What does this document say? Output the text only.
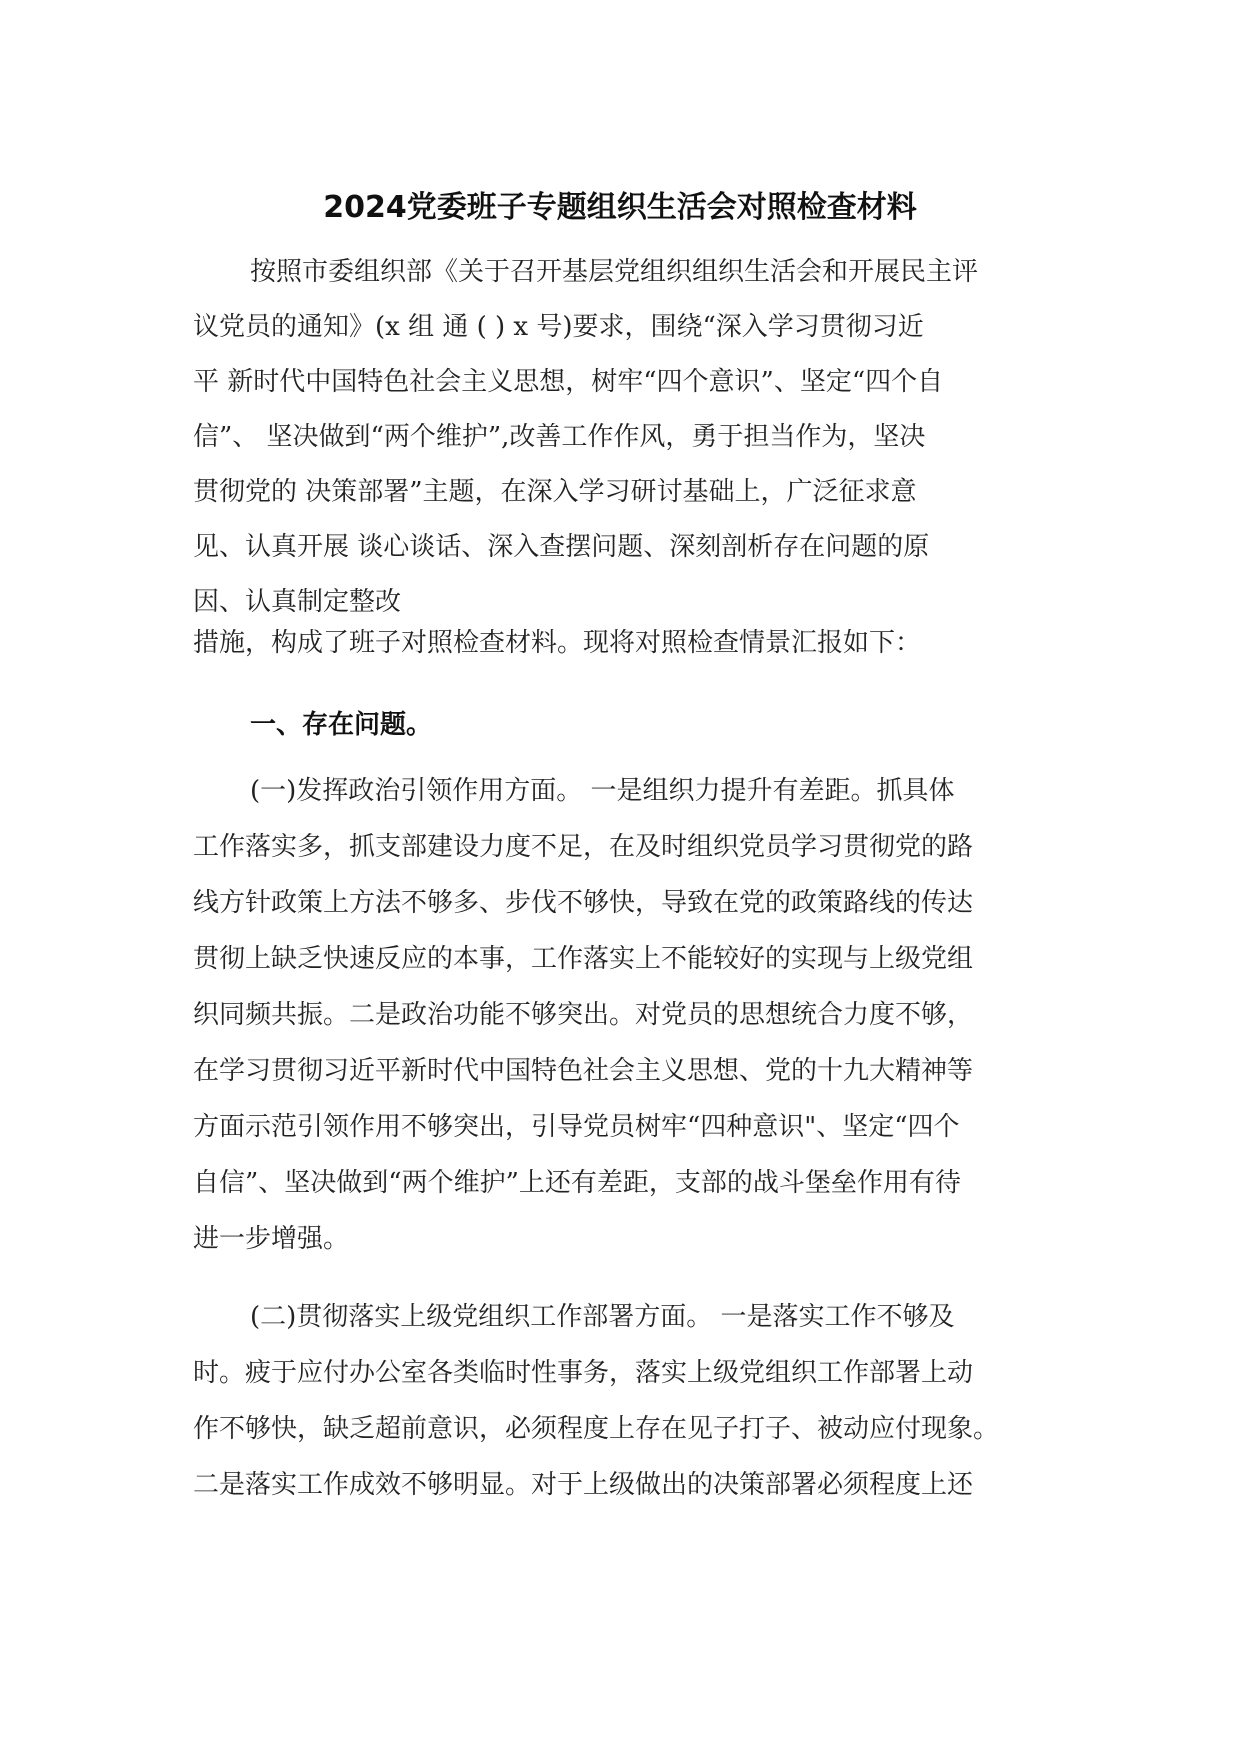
2024党委班子专题组织生活会对照检查材料
按照市委组织部《关于召开基层党组织组织生活会和开展民主评
议党员的通知》(x 组 通 ( ) x 号)要求，围绕“深入学习贯彻习近
平 新时代中国特色社会主义思想，树牢“四个意识”、坚定“四个自
信”、 坚决做到“两个维护”,改善工作作风，勇于担当作为，坚决
贯彻党的 决策部署”主题，在深入学习研讨基础上，广泛征求意
见、认真开展 谈心谈话、深入查摆问题、深刻剖析存在问题的原
因、认真制定整改
措施，构成了班子对照检查材料。现将对照检查情景汇报如下：
一、存在问题。
(一)发挥政治引领作用方面。 一是组织力提升有差距。抓具体
工作落实多，抓支部建设力度不足，在及时组织党员学习贯彻党的路
线方针政策上方法不够多、步伐不够快，导致在党的政策路线的传达
贯彻上缺乏快速反应的本事，工作落实上不能较好的实现与上级党组
织同频共振。二是政治功能不够突出。对党员的思想统合力度不够，
在学习贯彻习近平新时代中国特色社会主义思想、党的十九大精神等
方面示范引领作用不够突出，引导党员树牢“四种意识"、坚定“四个
自信”、坚决做到“两个维护”上还有差距，支部的战斗堡垒作用有待
进一步增强。
(二)贯彻落实上级党组织工作部署方面。 一是落实工作不够及
时。疲于应付办公室各类临时性事务，落实上级党组织工作部署上动
作不够快，缺乏超前意识，必须程度上存在见子打子、被动应付现象。
二是落实工作成效不够明显。对于上级做出的决策部署必须程度上还
